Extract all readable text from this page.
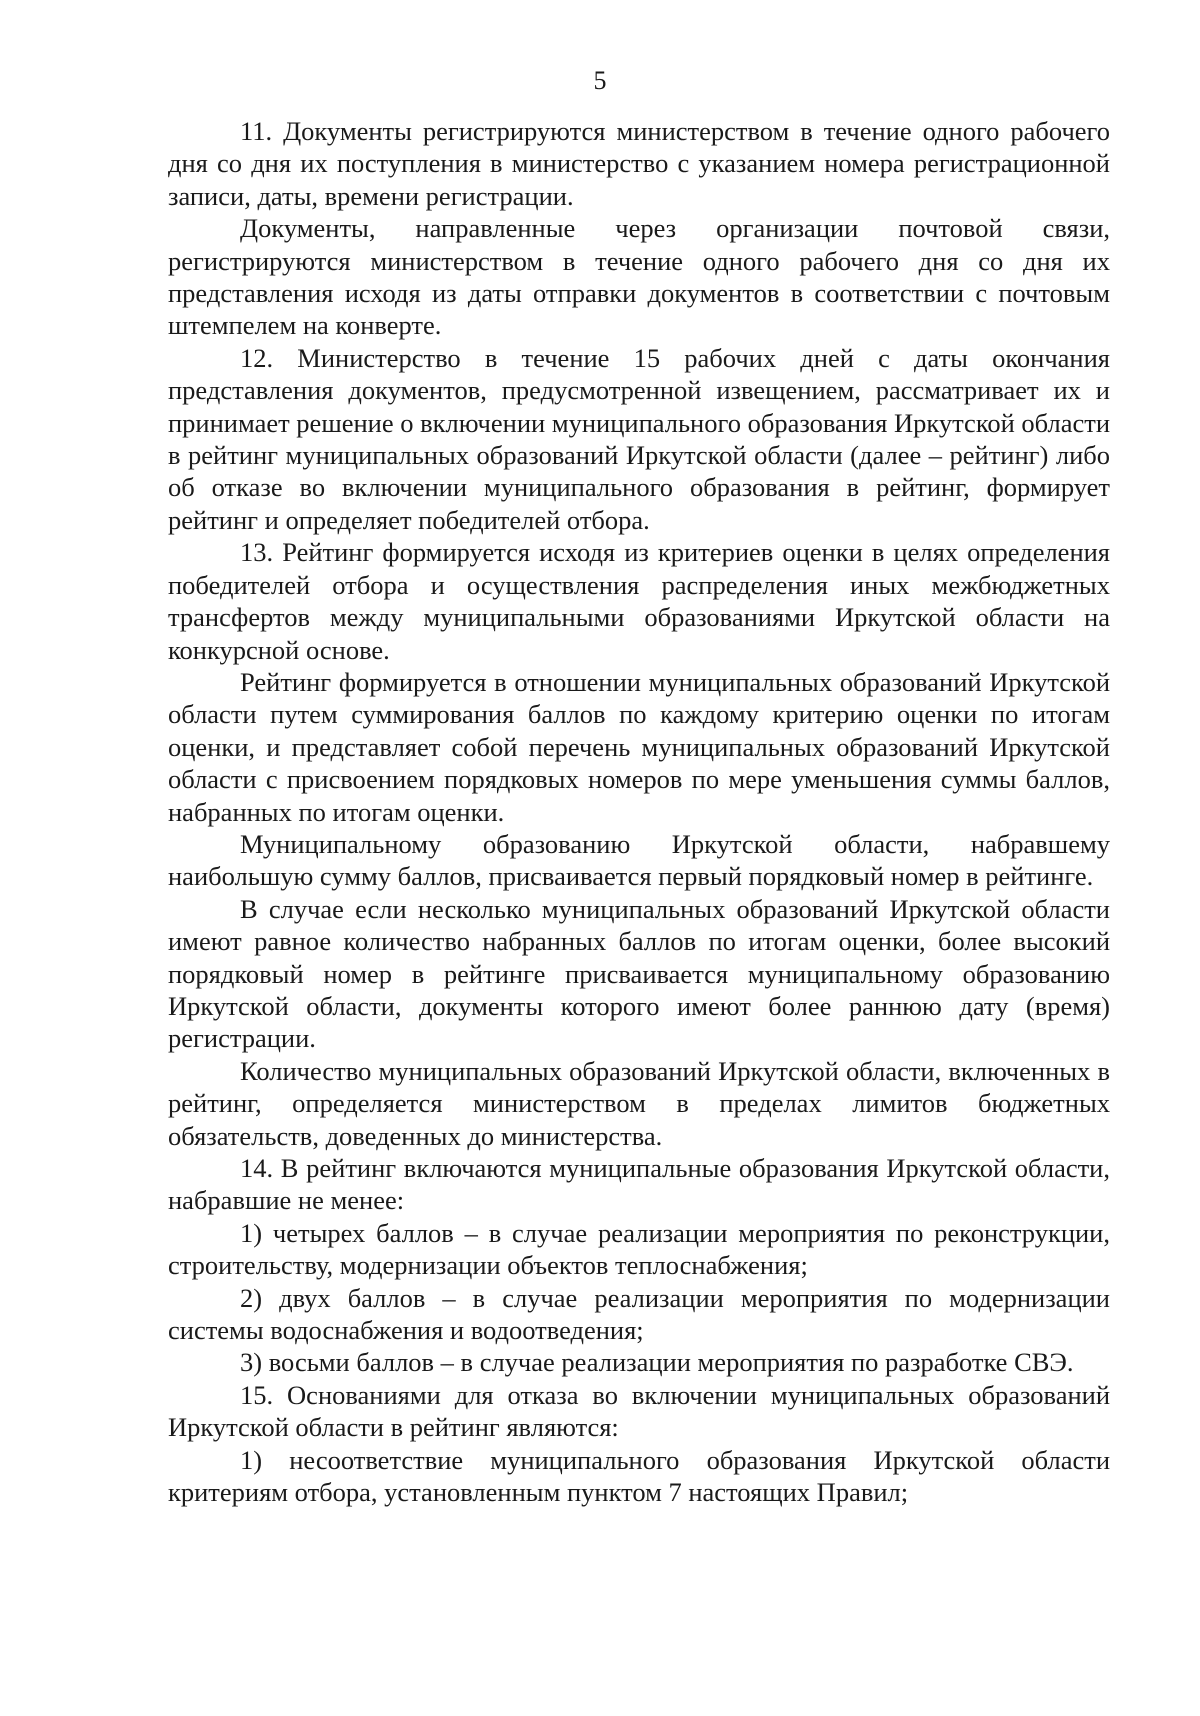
5

11. Документы регистрируются министерством в течение одного рабочего дня со дня их поступления в министерство с указанием номера регистрационной записи, даты, времени регистрации.

Документы, направленные через организации почтовой связи, регистрируются министерством в течение одного рабочего дня со дня их представления исходя из даты отправки документов в соответствии с почтовым штемпелем на конверте.

12. Министерство в течение 15 рабочих дней с даты окончания представления документов, предусмотренной извещением, рассматривает их и принимает решение о включении муниципального образования Иркутской области в рейтинг муниципальных образований Иркутской области (далее – рейтинг) либо об отказе во включении муниципального образования в рейтинг, формирует рейтинг и определяет победителей отбора.

13. Рейтинг формируется исходя из критериев оценки в целях определения победителей отбора и осуществления распределения иных межбюджетных трансфертов между муниципальными образованиями Иркутской области на конкурсной основе.

Рейтинг формируется в отношении муниципальных образований Иркутской области путем суммирования баллов по каждому критерию оценки по итогам оценки, и представляет собой перечень муниципальных образований Иркутской области с присвоением порядковых номеров по мере уменьшения суммы баллов, набранных по итогам оценки.

Муниципальному образованию Иркутской области, набравшему наибольшую сумму баллов, присваивается первый порядковый номер в рейтинге.

В случае если несколько муниципальных образований Иркутской области имеют равное количество набранных баллов по итогам оценки, более высокий порядковый номер в рейтинге присваивается муниципальному образованию Иркутской области, документы которого имеют более раннюю дату (время) регистрации.

Количество муниципальных образований Иркутской области, включенных в рейтинг, определяется министерством в пределах лимитов бюджетных обязательств, доведенных до министерства.

14. В рейтинг включаются муниципальные образования Иркутской области, набравшие не менее:

1) четырех баллов – в случае реализации мероприятия по реконструкции, строительству, модернизации объектов теплоснабжения;

2) двух баллов – в случае реализации мероприятия по модернизации системы водоснабжения и водоотведения;

3) восьми баллов – в случае реализации мероприятия по разработке СВЭ.

15. Основаниями для отказа во включении муниципальных образований Иркутской области в рейтинг являются:

1) несоответствие муниципального образования Иркутской области критериям отбора, установленным пунктом 7 настоящих Правил;
